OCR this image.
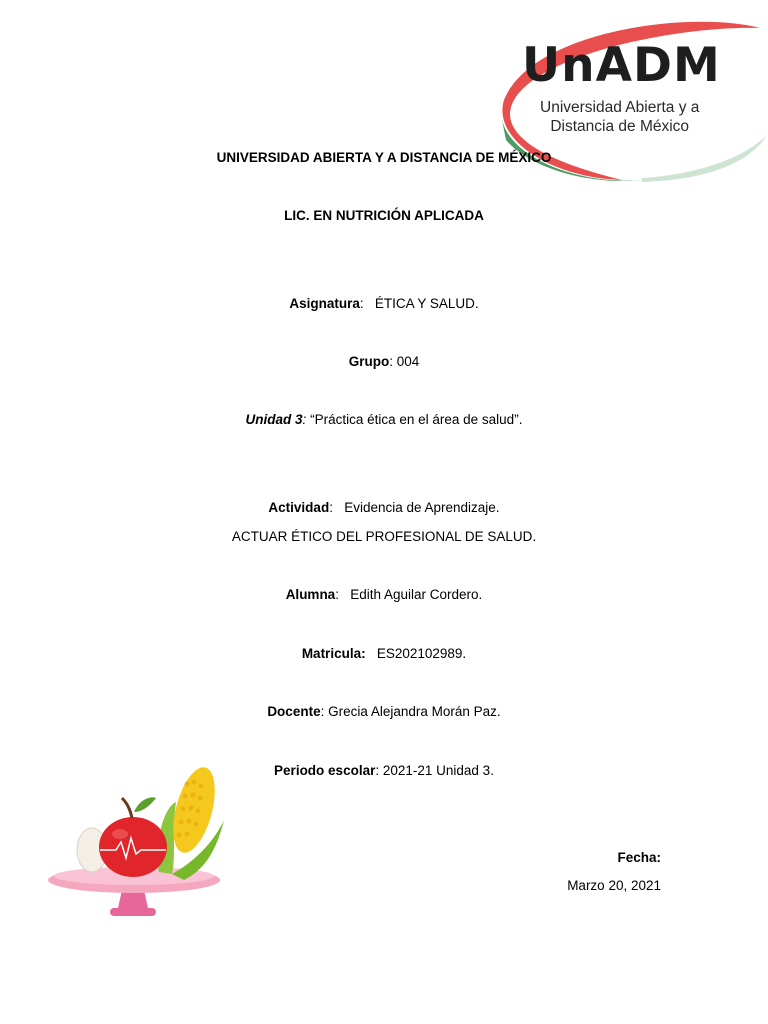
UnADM
Universidad Abierta y a
Distancia de México
UNIVERSIDAD ABIERTA Y A DISTANCIA DE MÉXICO
LIC. EN NUTRICIÓN APLICADA
Asignatura:   ÉTICA Y SALUD.
Grupo: 004
Unidad 3: “Práctica ética en el área de salud”.
Actividad:   Evidencia de Aprendizaje.
ACTUAR ÉTICO DEL PROFESIONAL DE SALUD.
Alumna:   Edith Aguilar Cordero.
Matricula: ES202102989.
Docente: Grecia Alejandra Morán Paz.
Periodo escolar: 2021-21 Unidad 3.
Fecha:
Marzo 20, 2021
